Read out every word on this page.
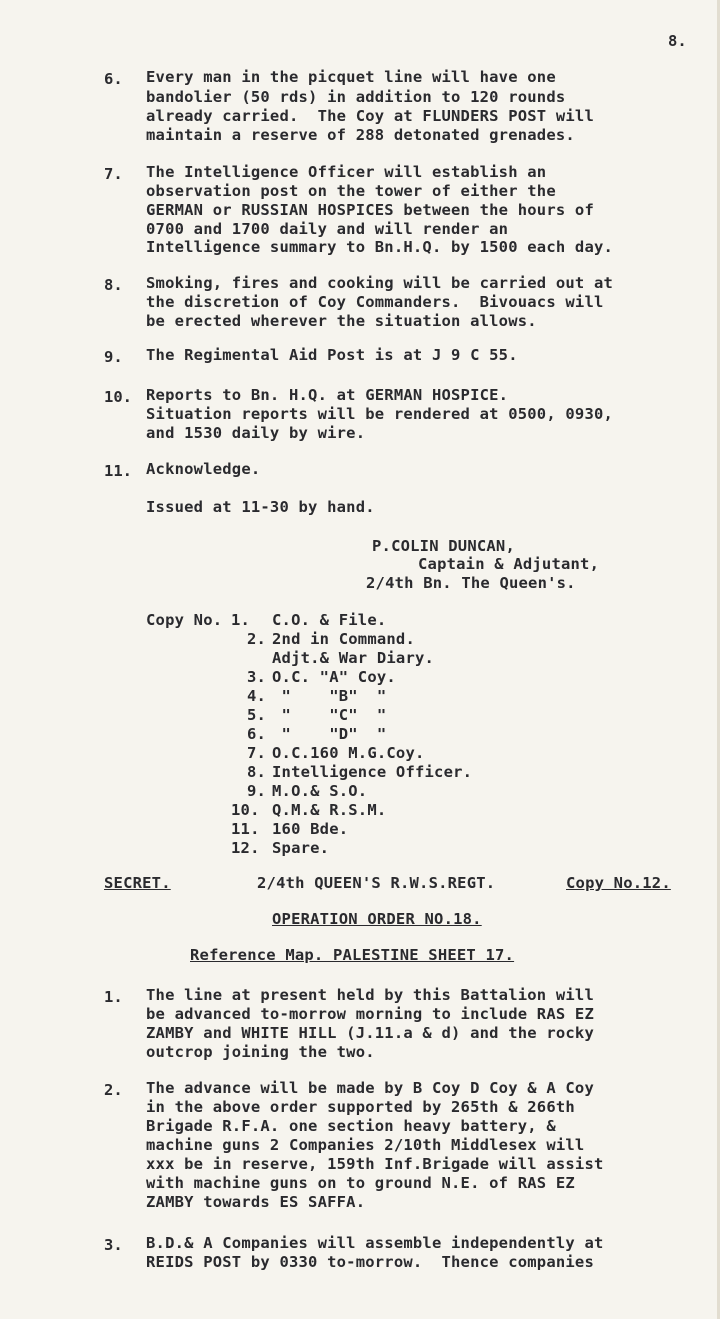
8.
6. Every man in the picquet line will have one
bandolier (50 rds) in addition to 120 rounds
already carried.  The Coy at FLUNDERS POST will
maintain a reserve of 288 detonated grenades.
7. The Intelligence Officer will establish an
observation post on the tower of either the
GERMAN or RUSSIAN HOSPICES between the hours of
0700 and 1700 daily and will render an
Intelligence summary to Bn.H.Q. by 1500 each day.
8. Smoking, fires and cooking will be carried out at
the discretion of Coy Commanders.  Bivouacs will
be erected wherever the situation allows.
9. The Regimental Aid Post is at J 9 C 55.
10. Reports to Bn. H.Q. at GERMAN HOSPICE.
Situation reports will be rendered at 0500, 0930,
and 1530 daily by wire.
11. Acknowledge.
Issued at 11-30 by hand.
P.COLIN DUNCAN,
Captain & Adjutant,
2/4th Bn. The Queen's.
Copy No. 1. C.O. & File.
2. 2nd in Command.
Adjt.& War Diary.
3. O.C. "A" Coy.
4. "    "B"  "
5. "    "C"  "
6. "    "D"  "
7. O.C.160 M.G.Coy.
8. Intelligence Officer.
9. M.O.& S.O.
10. Q.M.& R.S.M.
11. 160 Bde.
12. Spare.
SECRET.	2/4th QUEEN'S R.W.S.REGT.	Copy No.12.
OPERATION ORDER NO.18.
Reference Map. PALESTINE SHEET 17.
1. The line at present held by this Battalion will
be advanced to-morrow morning to include RAS EZ
ZAMBY and WHITE HILL (J.11.a & d) and the rocky
outcrop joining the two.
2. The advance will be made by B Coy D Coy & A Coy
in the above order supported by 265th & 266th
Brigade R.F.A. one section heavy battery, &
machine guns 2 Companies 2/10th Middlesex will
xxx be in reserve, 159th Inf.Brigade will assist
with machine guns on to ground N.E. of RAS EZ
ZAMBY towards ES SAFFA.
3. B.D.& A Companies will assemble independently at
REIDS POST by 0330 to-morrow.  Thence companies
